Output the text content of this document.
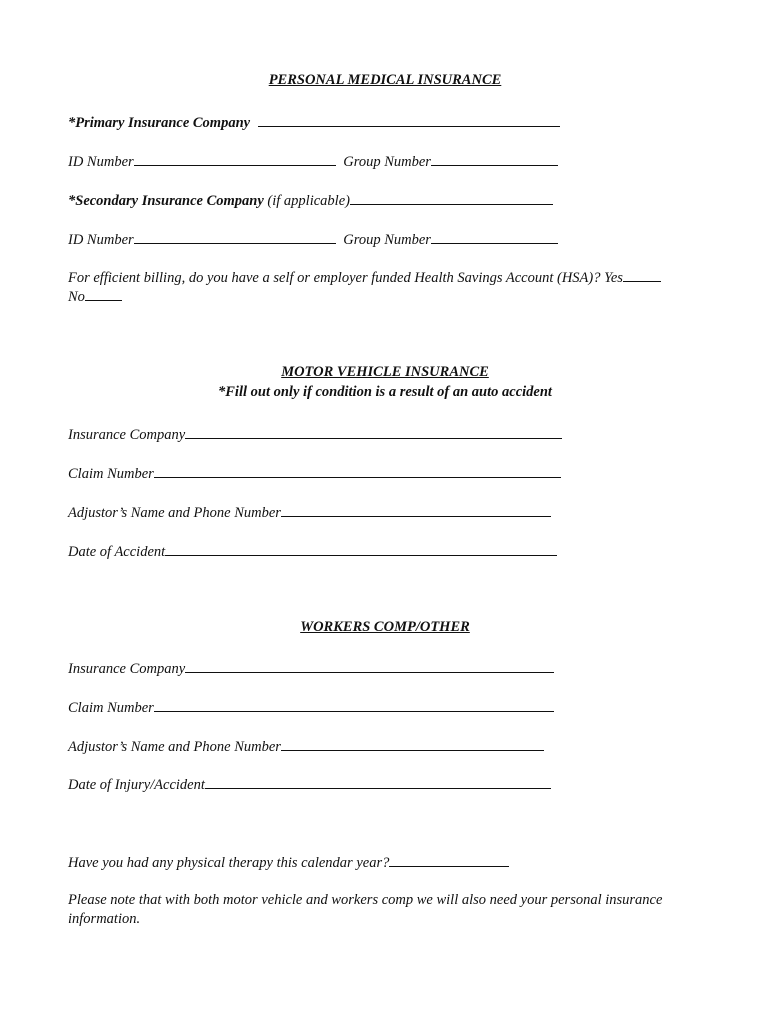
PERSONAL MEDICAL INSURANCE
*Primary Insurance Company
ID Number	Group Number
*Secondary Insurance Company (if applicable)
ID Number	Group Number
For efficient billing, do you have a self or employer funded Health Savings Account (HSA)? Yes
No
MOTOR VEHICLE INSURANCE
*Fill out only if condition is a result of an auto accident
Insurance Company
Claim Number
Adjustor’s Name and Phone Number
Date of Accident
WORKERS COMP/OTHER
Insurance Company
Claim Number
Adjustor’s Name and Phone Number
Date of Injury/Accident
Have you had any physical therapy this calendar year?
Please note that with both motor vehicle and workers comp we will also need your personal insurance information.
